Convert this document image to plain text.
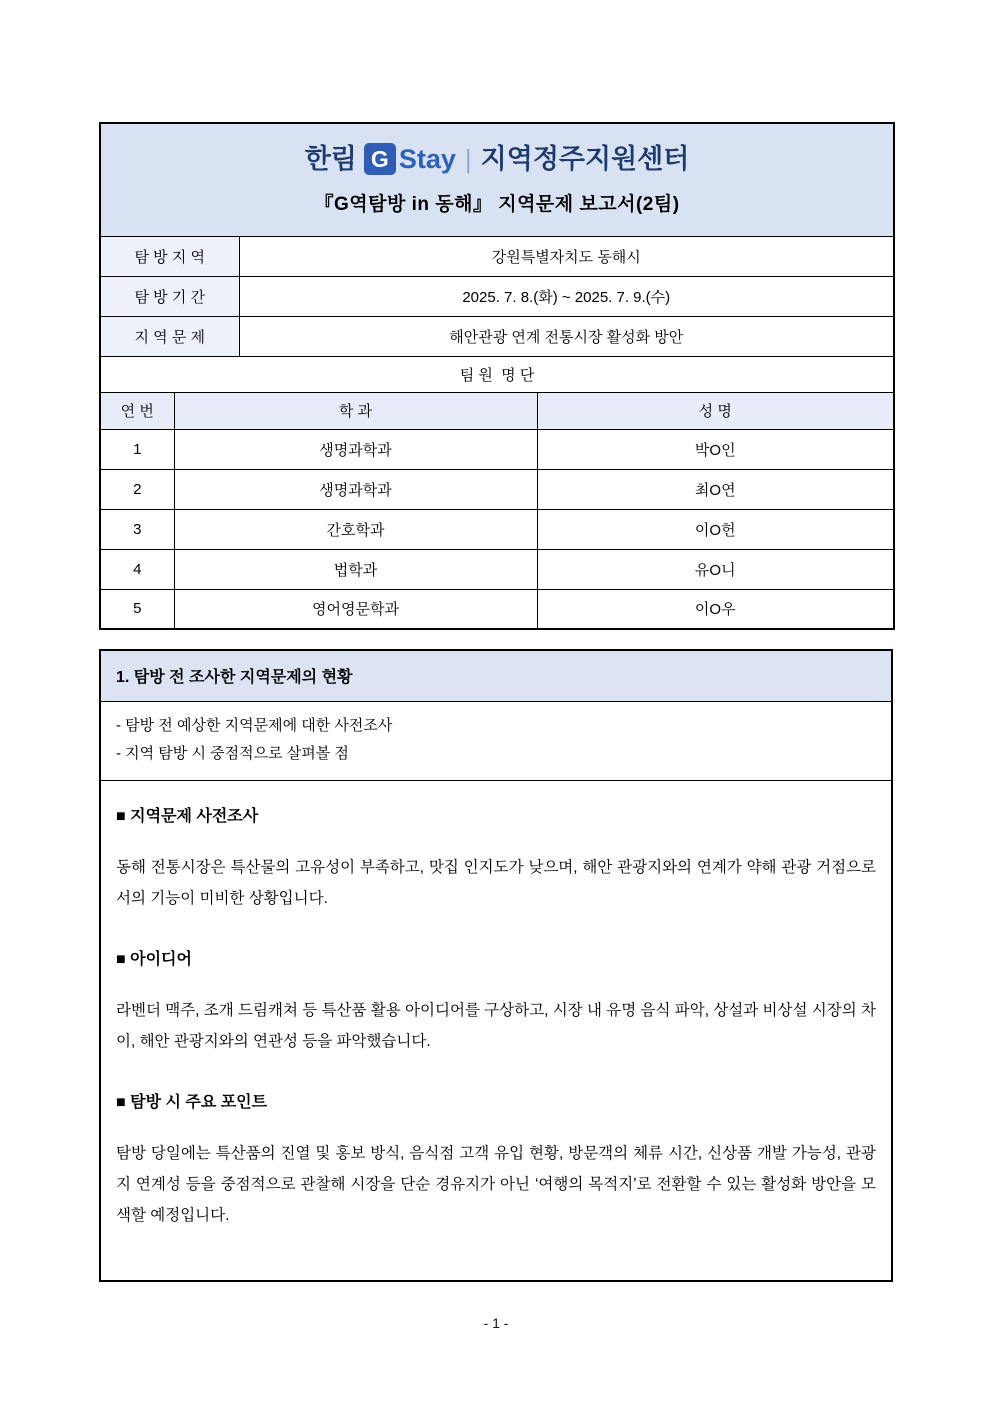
한림 G Stay | 지역정주지원센터
『G역탐방 in 동해』 지역문제 보고서(2팀)

탐 방 지 역		강원특별자치도 동해시	
탐 방 기 간		2025. 7. 8.(화) ~ 2025. 7. 9.(수)	
지 역 문 제		해안관광 연계 전통시장 활성화 방안	
팀 원  명 단			
연 번	학 과		성 명
1	생명과학과		박O인
2	생명과학과		최O연
3	간호학과		이O헌
4	법학과		유O니
5	영어영문학과		이O우
1. 탐방 전 조사한 지역문제의 현황
- 탐방 전 예상한 지역문제에 대한 사전조사
- 지역 탐방 시 중점적으로 살펴볼 점
■ 지역문제 사전조사

동해 전통시장은 특산물의 고유성이 부족하고, 맛집 인지도가 낮으며, 해안 관광지와의 연계가 약해 관광 거점으로서의 기능이 미비한 상황입니다.

■ 아이디어

라벤더 맥주, 조개 드림캐쳐 등 특산품 활용 아이디어를 구상하고, 시장 내 유명 음식 파악, 상설과 비상설 시장의 차이, 해안 관광지와의 연관성 등을 파악했습니다.

■ 탐방 시 주요 포인트

탐방 당일에는 특산품의 진열 및 홍보 방식, 음식점 고객 유입 현황, 방문객의 체류 시간, 신상품 개발 가능성, 관광지 연계성 등을 중점적으로 관찰해 시장을 단순 경유지가 아닌 ‘여행의 목적지’로 전환할 수 있는 활성화 방안을 모색할 예정입니다.

- 1 -
